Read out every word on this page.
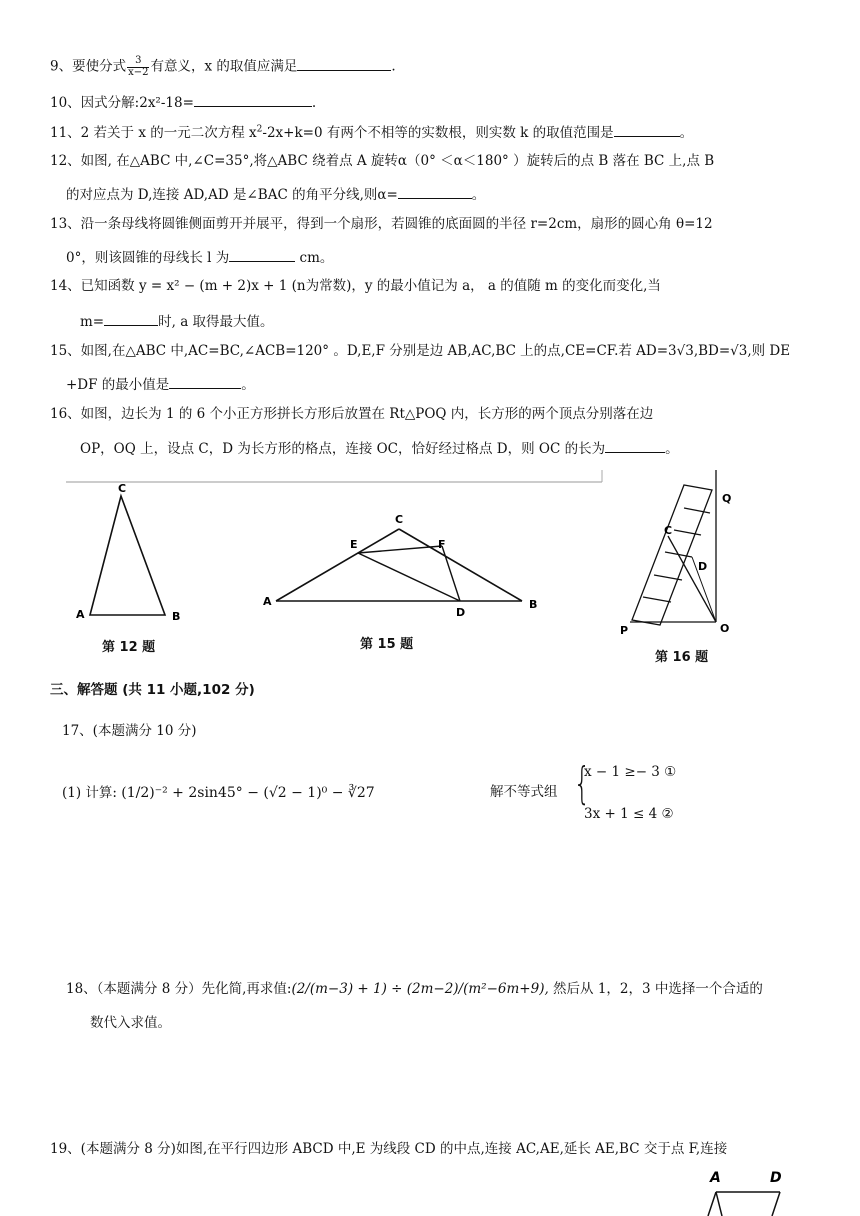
9、要使分式 $\frac{3}{x-2}$ 有意义，x 的取值应满足	.
10、因式分解:2x²-18=	.
11、2 若关于 x 的一元二次方程 $x^2-2x+k=0$ 有两个不相等的实数根，则实数 k 的取值范围是	。
12、如图, 在△ABC 中,∠C=35°,将△ABC 绕着点 A 旋转α（0° ＜α＜180° ）旋转后的点 B 落在 BC 上,点 B
的对应点为 D,连接 AD,AD 是∠BAC 的角平分线,则α=	。
13、沿一条母线将圆锥侧面剪开并展平，得到一个扇形，若圆锥的底面圆的半径 r=2cm，扇形的圆心角 θ=12
0°，则该圆锥的母线长 l 为	cm。
14、已知函数 y = x² − (m + 2)x + 1 (n为常数)，y 的最小值记为 a， a 的值随 m 的变化而变化,当
m=	时, a 取得最大值。
15、如图,在△ABC 中,AC=BC,∠ACB=120° 。D,E,F 分别是边 AB,AC,BC 上的点,CE=CF.若 AD=3√3,BD=√3,则 DE
+DF 的最小值是	。
16、如图，边长为 1 的 6 个小正方形拼长方形后放置在 Rt△POQ 内，长方形的两个顶点分别落在边
OP，OQ 上，设点 C，D 为长方形的格点，连接 OC，恰好经过格点 D，则 OC 的长为	。
C
A	B
C
E	F
A
D
B
Q
C
D
P	O
第 12 题	第 15 题
第 16 题
三、解答题 (共 11 小题,102 分)
17、(本题满分 10 分)
(1) 计算: (1/2)⁻² + 2sin45° − (√2 − 1)⁰ − ∛27	解不等式组 {
x − 1 ≥− 3 ①
3x + 1 ≤ 4 ②
18、（本题满分 8 分）先化简,再求值:(2/(m−3) + 1) ÷ (2m−2)/(m²−6m+9), 然后从 1，2，3 中选择一个合适的
数代入求值。
19、(本题满分 8 分)如图,在平行四边形 ABCD 中,E 为线段 CD 的中点,连接 AC,AE,延长 AE,BC 交于点 F,连接
A	D
